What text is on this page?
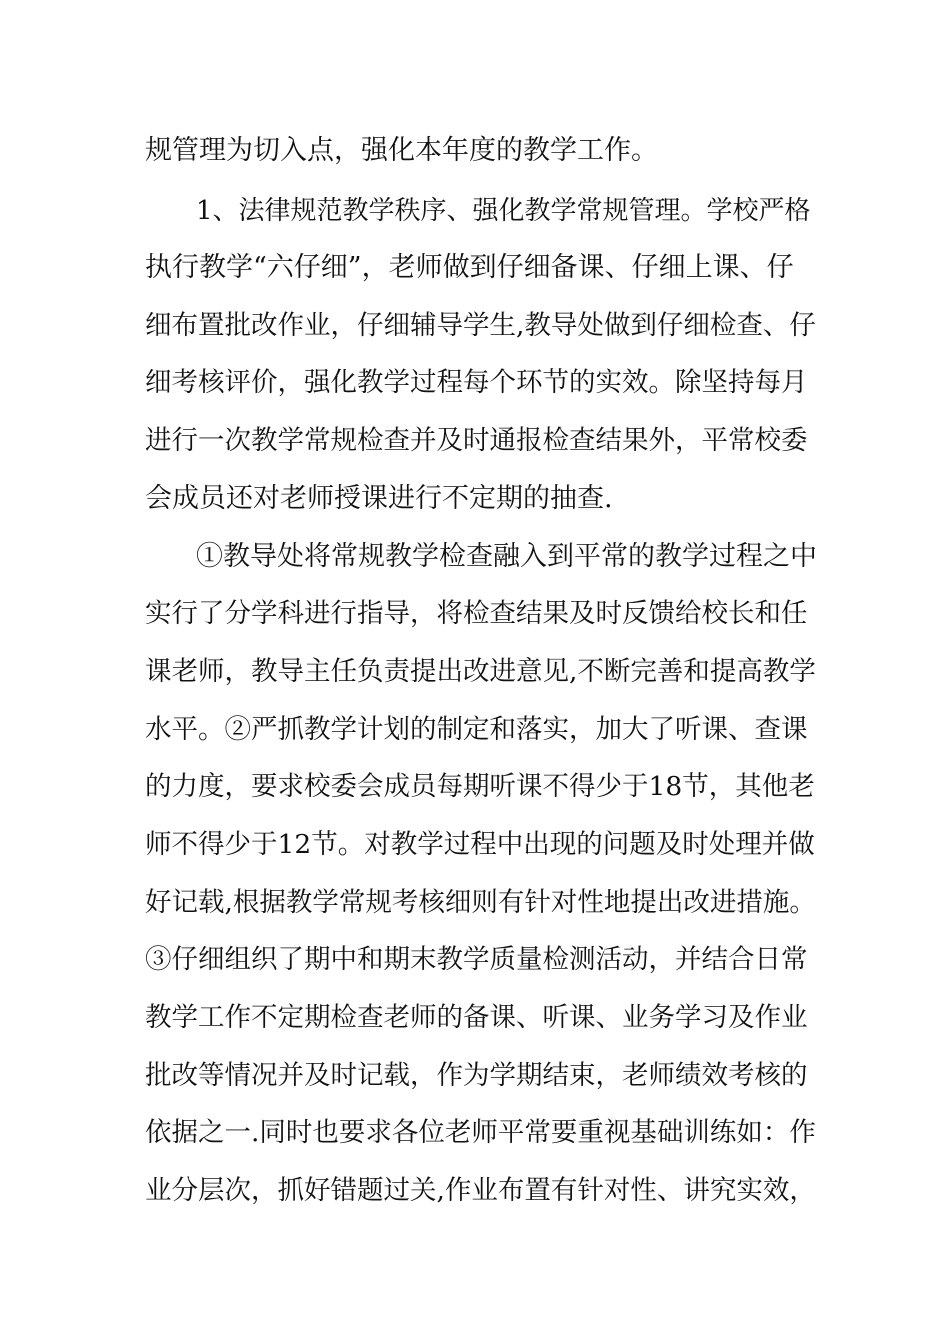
规管理为切入点，强化本年度的教学工作。
1、法律规范教学秩序、强化教学常规管理。学校严格
执行教学“六仔细”，老师做到仔细备课、仔细上课、仔
细布置批改作业，仔细辅导学生,教导处做到仔细检查、仔
细考核评价，强化教学过程每个环节的实效。除坚持每月
进行一次教学常规检查并及时通报检查结果外，平常校委
会成员还对老师授课进行不定期的抽查.
①教导处将常规教学检查融入到平常的教学过程之中
实行了分学科进行指导，将检查结果及时反馈给校长和任
课老师，教导主任负责提出改进意见,不断完善和提高教学
水平。②严抓教学计划的制定和落实，加大了听课、查课
的力度，要求校委会成员每期听课不得少于18节，其他老
师不得少于12节。对教学过程中出现的问题及时处理并做
好记载,根据教学常规考核细则有针对性地提出改进措施。
③仔细组织了期中和期末教学质量检测活动，并结合日常
教学工作不定期检查老师的备课、听课、业务学习及作业
批改等情况并及时记载，作为学期结束，老师绩效考核的
依据之一.同时也要求各位老师平常要重视基础训练如：作
业分层次，抓好错题过关,作业布置有针对性、讲究实效，
